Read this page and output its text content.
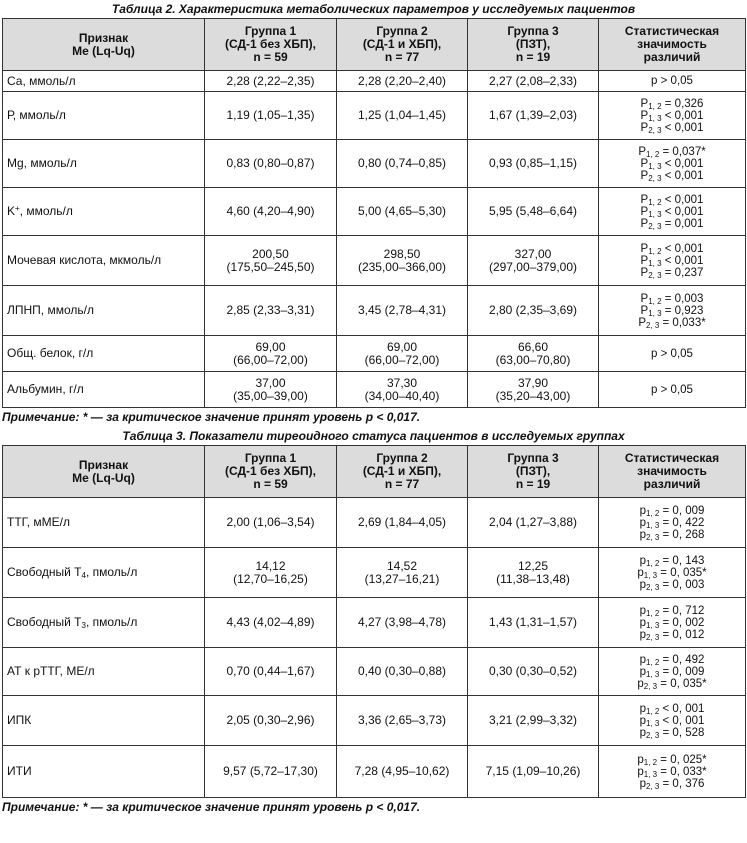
Таблица 2. Характеристика метаболических параметров у исследуемых пациентов
Признак
Me (Lq-Uq)	Группа 1
(СД-1 без ХБП),
n = 59	Группа 2
(СД-1 и ХБП),
n = 77	Группа 3
(ПЗТ),
n = 19	Статистическая
значимость
различий

Са, ммоль/л	2,28 (2,22–2,35)	2,28 (2,20–2,40)	2,27 (2,08–2,33)	р > 0,05

Р, ммоль/л	1,19 (1,05–1,35)	1,25 (1,04–1,45)	1,67 (1,39–2,03)	$P_{1, 2} = 0,326$
$P_{1, 3} < 0,001$
$P_{2, 3} < 0,001$

Mg, ммоль/л	0,83 (0,80–0,87)	0,80 (0,74–0,85)	0,93 (0,85–1,15)	$P_{1, 2} = 0,037*$
$P_{1, 3} < 0,001$
$P_{2, 3} < 0,001$

K+, ммоль/л	4,60 (4,20–4,90)	5,00 (4,65–5,30)	5,95 (5,48–6,64)	$P_{1, 2} < 0,001$
$P_{1, 3} < 0,001$
$P_{2, 3} = 0,001$

Мочевая кислота, мкмоль/л	200,50
(175,50–245,50)	298,50
(235,00–366,00)	327,00
(297,00–379,00)	$P_{1, 2} < 0,001$
$P_{1, 3} < 0,001$
$P_{2, 3} = 0,237$

ЛПНП, ммоль/л	2,85 (2,33–3,31)	3,45 (2,78–4,31)	2,80 (2,35–3,69)	$P_{1, 2} = 0,003$
$P_{1, 3} = 0,923$
$P_{2, 3} = 0,033*$

Общ. белок, г/л	69,00
(66,00–72,00)	69,00
(66,00–72,00)	66,60
(63,00–70,80)	р > 0,05

Альбумин, г/л	37,00
(35,00–39,00)	37,30
(34,00–40,40)	37,90
(35,20–43,00)	р > 0,05
Примечание: * — за критическое значение принят уровень р < 0,017.
Таблица 3. Показатели тиреоидного статуса пациентов в исследуемых группах
Признак
Me (Lq-Uq)	Группа 1
(СД-1 без ХБП),
n = 59	Группа 2
(СД-1 и ХБП),
n = 77	Группа 3
(ПЗТ),
n = 19	Статистическая
значимость
различий

ТТГ, мМЕ/л	2,00 (1,06–3,54)	2,69 (1,84–4,05)	2,04 (1,27–3,88)	$р_{1, 2} = 0$, 009
$р_{1, 3} = 0$, 422
$р_{2, 3} = 0$, 268

Свободный $Т_4$, пмоль/л	14,12
(12,70–16,25)	14,52
(13,27–16,21)	12,25
(11,38–13,48)	$р_{1, 2} = 0$, 143
$р_{1, 3} = 0$, 035*
$р_{2, 3} = 0$, 003

Свободный $Т_3$, пмоль/л	4,43 (4,02–4,89)	4,27 (3,98–4,78)	1,43 (1,31–1,57)	$р_{1, 2} = 0$, 712
$р_{1, 3} = 0$, 002
$р_{2, 3} = 0$, 012

АТ к рТТГ, МЕ/л	0,70 (0,44–1,67)	0,40 (0,30–0,88)	0,30 (0,30–0,52)	$р_{1, 2} = 0$, 492
$р_{1, 3} = 0$, 009
$р_{2, 3} = 0$, 035*

ИПК	2,05 (0,30–2,96)	3,36 (2,65–3,73)	3,21 (2,99–3,32)	$р_{1, 2} < 0$, 001
$р_{1, 3} < 0$, 001
$р_{2, 3} = 0$, 528

ИТИ	9,57 (5,72–17,30)	7,28 (4,95–10,62)	7,15 (1,09–10,26)	$р_{1, 2} = 0$, 025*
$р_{1, 3} = 0$, 033*
$р_{2, 3} = 0$, 376
Примечание: * — за критическое значение принят уровень р < 0,017.
